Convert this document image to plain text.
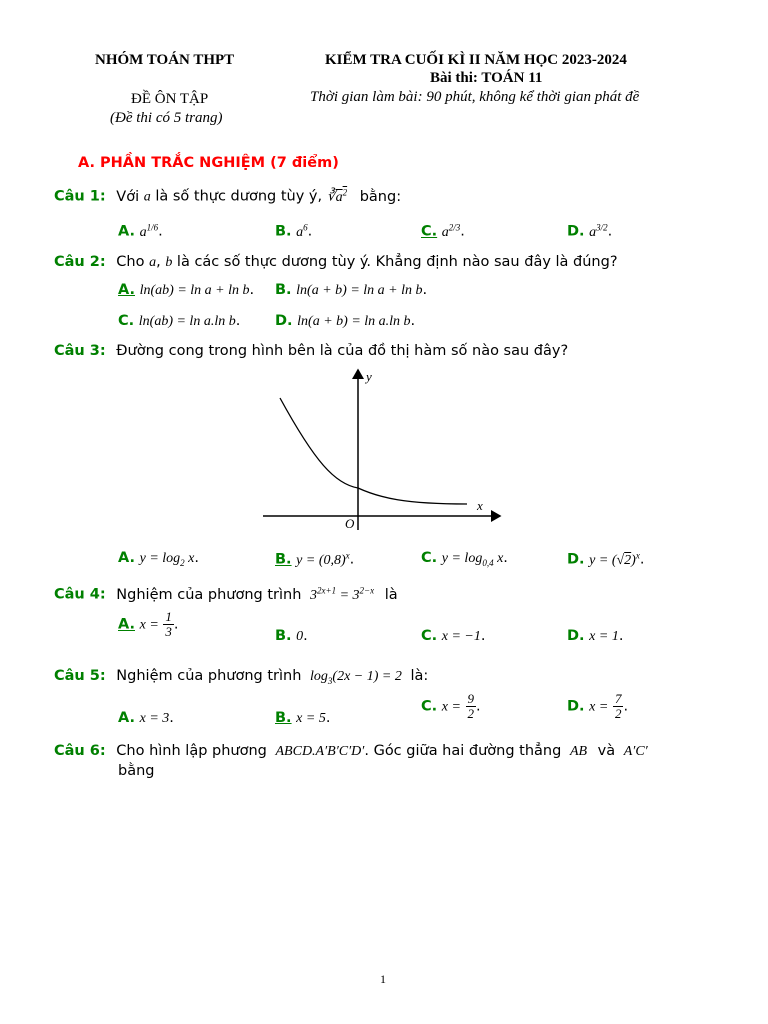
NHÓM TOÁN THPT
ĐỀ ÔN TẬP
(Đề thi có 5 trang)
KIỂM TRA CUỐI KÌ II NĂM HỌC 2023-2024
Bài thi: TOÁN 11
Thời gian làm bài: 90 phút, không kể thời gian phát đề
A. PHẦN TRẮC NGHIỆM (7 điểm)
Câu 1: Với a là số thực dương tùy ý, $∛a^2$ bằng:
A. $a^{1/6}$.	B. $a^6$.	C. $a^{2/3}$.	D. $a^{3/2}$.
Câu 2: Cho a, b là các số thực dương tùy ý. Khẳng định nào sau đây là đúng?
A. ln(ab) = ln a + ln b. B. ln(a + b) = ln a + ln b.
C. ln(ab) = ln a.ln b. D. ln(a + b) = ln a.ln b.
Câu 3: Đường cong trong hình bên là của đồ thị hàm số nào sau đây?
y
x
O
A. $y = \log_2 x$.	B. $y = (0,8)^x$.	C. $y = \log_{0,4} x$.	D. $y = (√2)^x$.
Câu 4: Nghiệm của phương trình $3^{2x+1} = 3^{2-x}$ là
A. $x = \frac{1}{3}$ .
B. 0.	C. x = −1.	D. x = 1.
Câu 5: Nghiệm của phương trình $\log_3(2x - 1) = 2$ là:
A. x = 3.	B. x = 5.
C. $x = \frac{9}{2}$ .	D. $x = \frac{7}{2}$ .
Câu 6: Cho hình lập phương ABCD.A′B′C′D′. Góc giữa hai đường thẳng AB và A′C′
bằng
1
